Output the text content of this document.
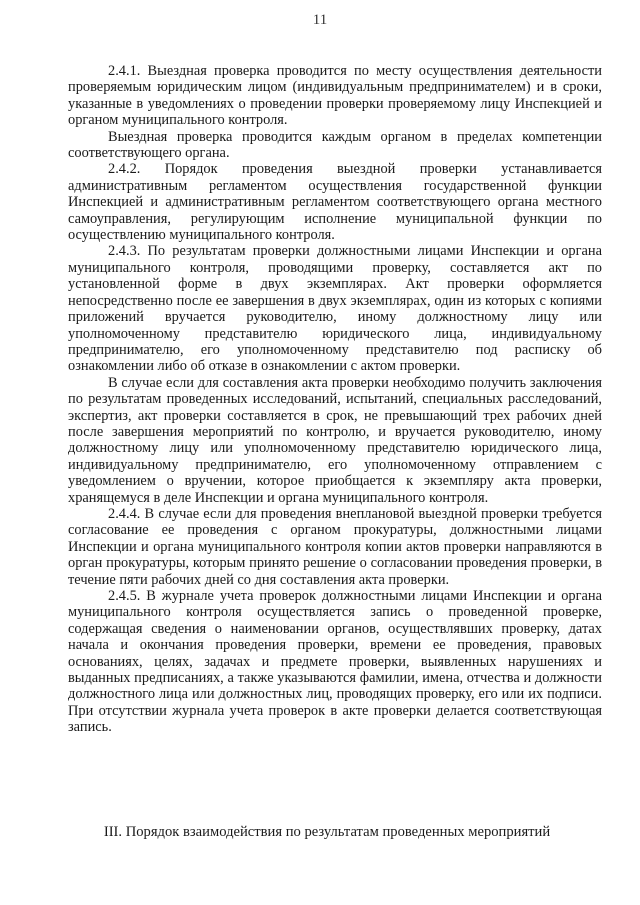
11

2.4.1. Выездная проверка проводится по месту осуществления деятельности проверяемым юридическим лицом (индивидуальным предпринимателем) и в сроки, указанные в уведомлениях о проведении проверки проверяемому лицу Инспекцией и органом муниципального контроля.

Выездная проверка проводится каждым органом в пределах компетенции соответствующего органа.

2.4.2. Порядок проведения выездной проверки устанавливается административным регламентом осуществления государственной функции Инспекцией и административным регламентом соответствующего органа местного самоуправления, регулирующим исполнение муниципальной функции по осуществлению муниципального контроля.

2.4.3. По результатам проверки должностными лицами Инспекции и органа муниципального контроля, проводящими проверку, составляется акт по установленной форме в двух экземплярах. Акт проверки оформляется непосредственно после ее завершения в двух экземплярах, один из которых с копиями приложений вручается руководителю, иному должностному лицу или уполномоченному представителю юридического лица, индивидуальному предпринимателю, его уполномоченному представителю под расписку об ознакомлении либо об отказе в ознакомлении с актом проверки.

В случае если для составления акта проверки необходимо получить заключения по результатам проведенных исследований, испытаний, специальных расследований, экспертиз, акт проверки составляется в срок, не превышающий трех рабочих дней после завершения мероприятий по контролю, и вручается руководителю, иному должностному лицу или уполномоченному представителю юридического лица, индивидуальному предпринимателю, его уполномоченному отправлением с уведомлением о вручении, которое приобщается к экземпляру акта проверки, хранящемуся в деле Инспекции и органа муниципального контроля.

2.4.4. В случае если для проведения внеплановой выездной проверки требуется согласование ее проведения с органом прокуратуры, должностными лицами Инспекции и органа муниципального контроля копии актов проверки направляются в орган прокуратуры, которым принято решение о согласовании проведения проверки, в течение пяти рабочих дней со дня составления акта проверки.

2.4.5. В журнале учета проверок должностными лицами Инспекции и органа муниципального контроля осуществляется запись о проведенной проверке, содержащая сведения о наименовании органов, осуществлявших проверку, датах начала и окончания проведения проверки, времени ее проведения, правовых основаниях, целях, задачах и предмете проверки, выявленных нарушениях и выданных предписаниях, а также указываются фамилии, имена, отчества и должности должностного лица или должностных лиц, проводящих проверку, его или их подписи. При отсутствии журнала учета проверок в акте проверки делается соответствующая запись.

III. Порядок взаимодействия по результатам проведенных мероприятий
